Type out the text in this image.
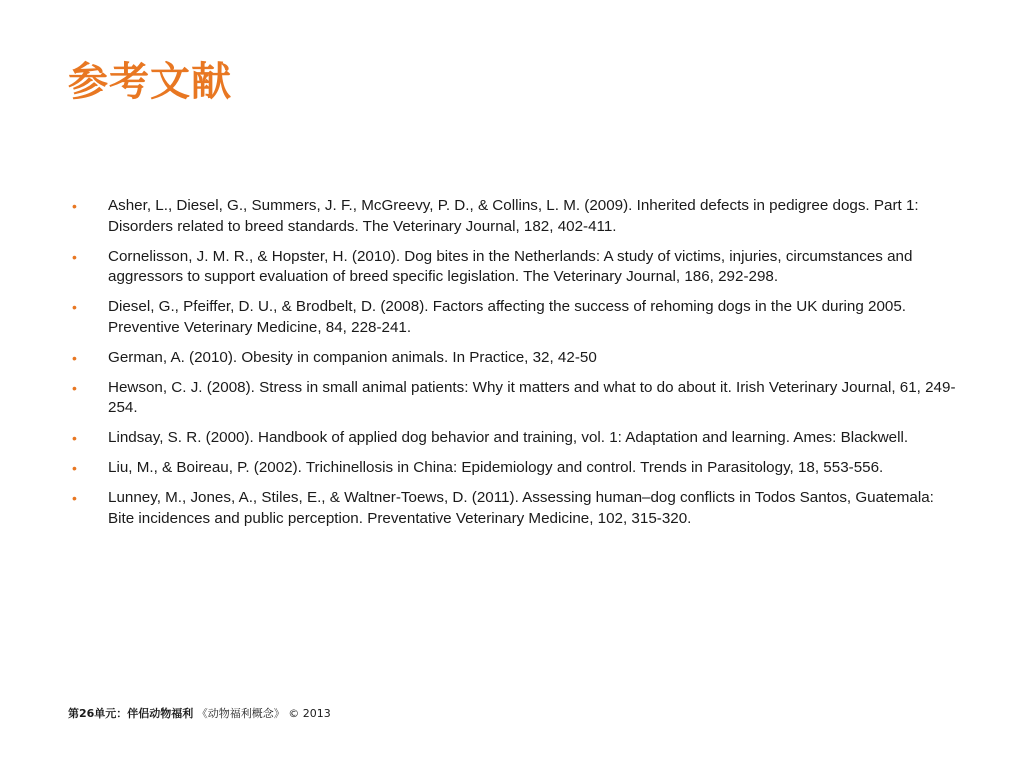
参考文献
• Asher, L., Diesel, G., Summers, J. F., McGreevy, P. D., & Collins, L. M. (2009). Inherited defects in pedigree dogs. Part 1: Disorders related to breed standards. The Veterinary Journal, 182, 402-411.
• Cornelisson, J. M. R., & Hopster, H. (2010). Dog bites in the Netherlands: A study of victims, injuries, circumstances and aggressors to support evaluation of breed specific legislation. The Veterinary Journal, 186, 292-298.
• Diesel, G., Pfeiffer, D. U., & Brodbelt, D. (2008). Factors affecting the success of rehoming dogs in the UK during 2005. Preventive Veterinary Medicine, 84, 228-241.
• German, A. (2010). Obesity in companion animals. In Practice, 32, 42-50
• Hewson, C. J. (2008). Stress in small animal patients: Why it matters and what to do about it. Irish Veterinary Journal, 61, 249-254.
• Lindsay, S. R. (2000). Handbook of applied dog behavior and training, vol. 1: Adaptation and learning. Ames: Blackwell.
• Liu, M., & Boireau, P. (2002). Trichinellosis in China: Epidemiology and control. Trends in Parasitology, 18, 553-556.
• Lunney, M., Jones, A., Stiles, E., & Waltner-Toews, D. (2011). Assessing human–dog conflicts in Todos Santos, Guatemala: Bite incidences and public perception. Preventative Veterinary Medicine, 102, 315-320.
第26单元：伴侣动物福利 《动物福利概念》 © 2013
